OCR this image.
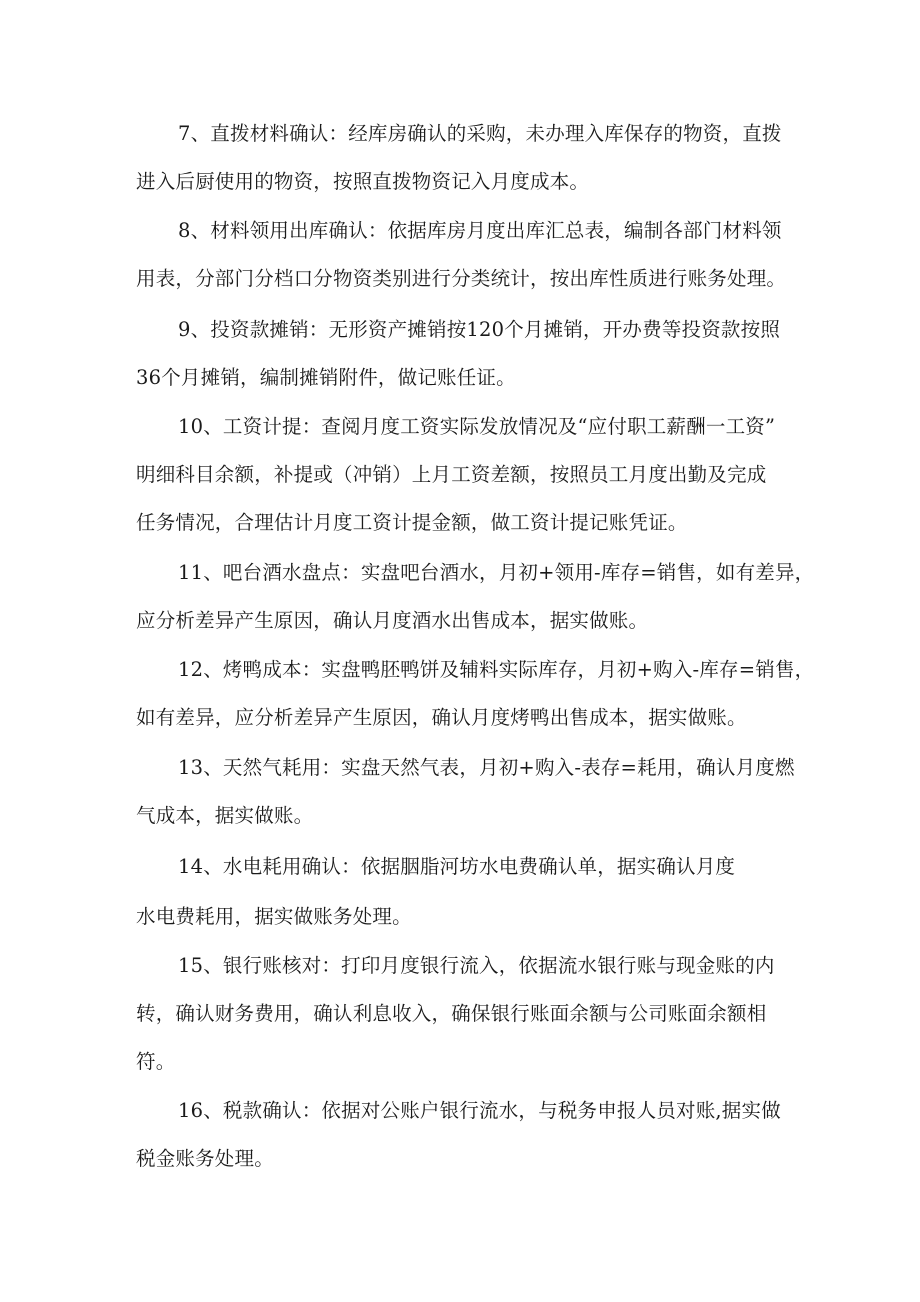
7、直拨材料确认：经库房确认的采购，未办理入库保存的物资，直拨
进入后厨使用的物资，按照直拨物资记入月度成本。
8、材料领用出库确认：依据库房月度出库汇总表，编制各部门材料领
用表，分部门分档口分物资类别进行分类统计，按出库性质进行账务处理。
9、投资款摊销：无形资产摊销按120个月摊销，开办费等投资款按照
36个月摊销，编制摊销附件，做记账任证。
10、工资计提：查阅月度工资实际发放情况及“应付职工薪酬一工资”
明细科目余额，补提或（冲销）上月工资差额，按照员工月度出勤及完成
任务情况，合理估计月度工资计提金额，做工资计提记账凭证。
11、吧台酒水盘点：实盘吧台酒水，月初+领用-库存=销售，如有差异，
应分析差异产生原因，确认月度酒水出售成本，据实做账。
12、烤鸭成本：实盘鸭胚鸭饼及辅料实际库存，月初+购入-库存=销售，
如有差异，应分析差异产生原因，确认月度烤鸭出售成本，据实做账。
13、天然气耗用：实盘天然气表，月初+购入-表存=耗用，确认月度燃
气成本，据实做账。
14、水电耗用确认：依据胭脂河坊水电费确认单，据实确认月度
水电费耗用，据实做账务处理。
15、银行账核对：打印月度银行流入，依据流水银行账与现金账的内
转，确认财务费用，确认利息收入，确保银行账面余额与公司账面余额相
符。
16、税款确认：依据对公账户银行流水，与税务申报人员对账,据实做
税金账务处理。
